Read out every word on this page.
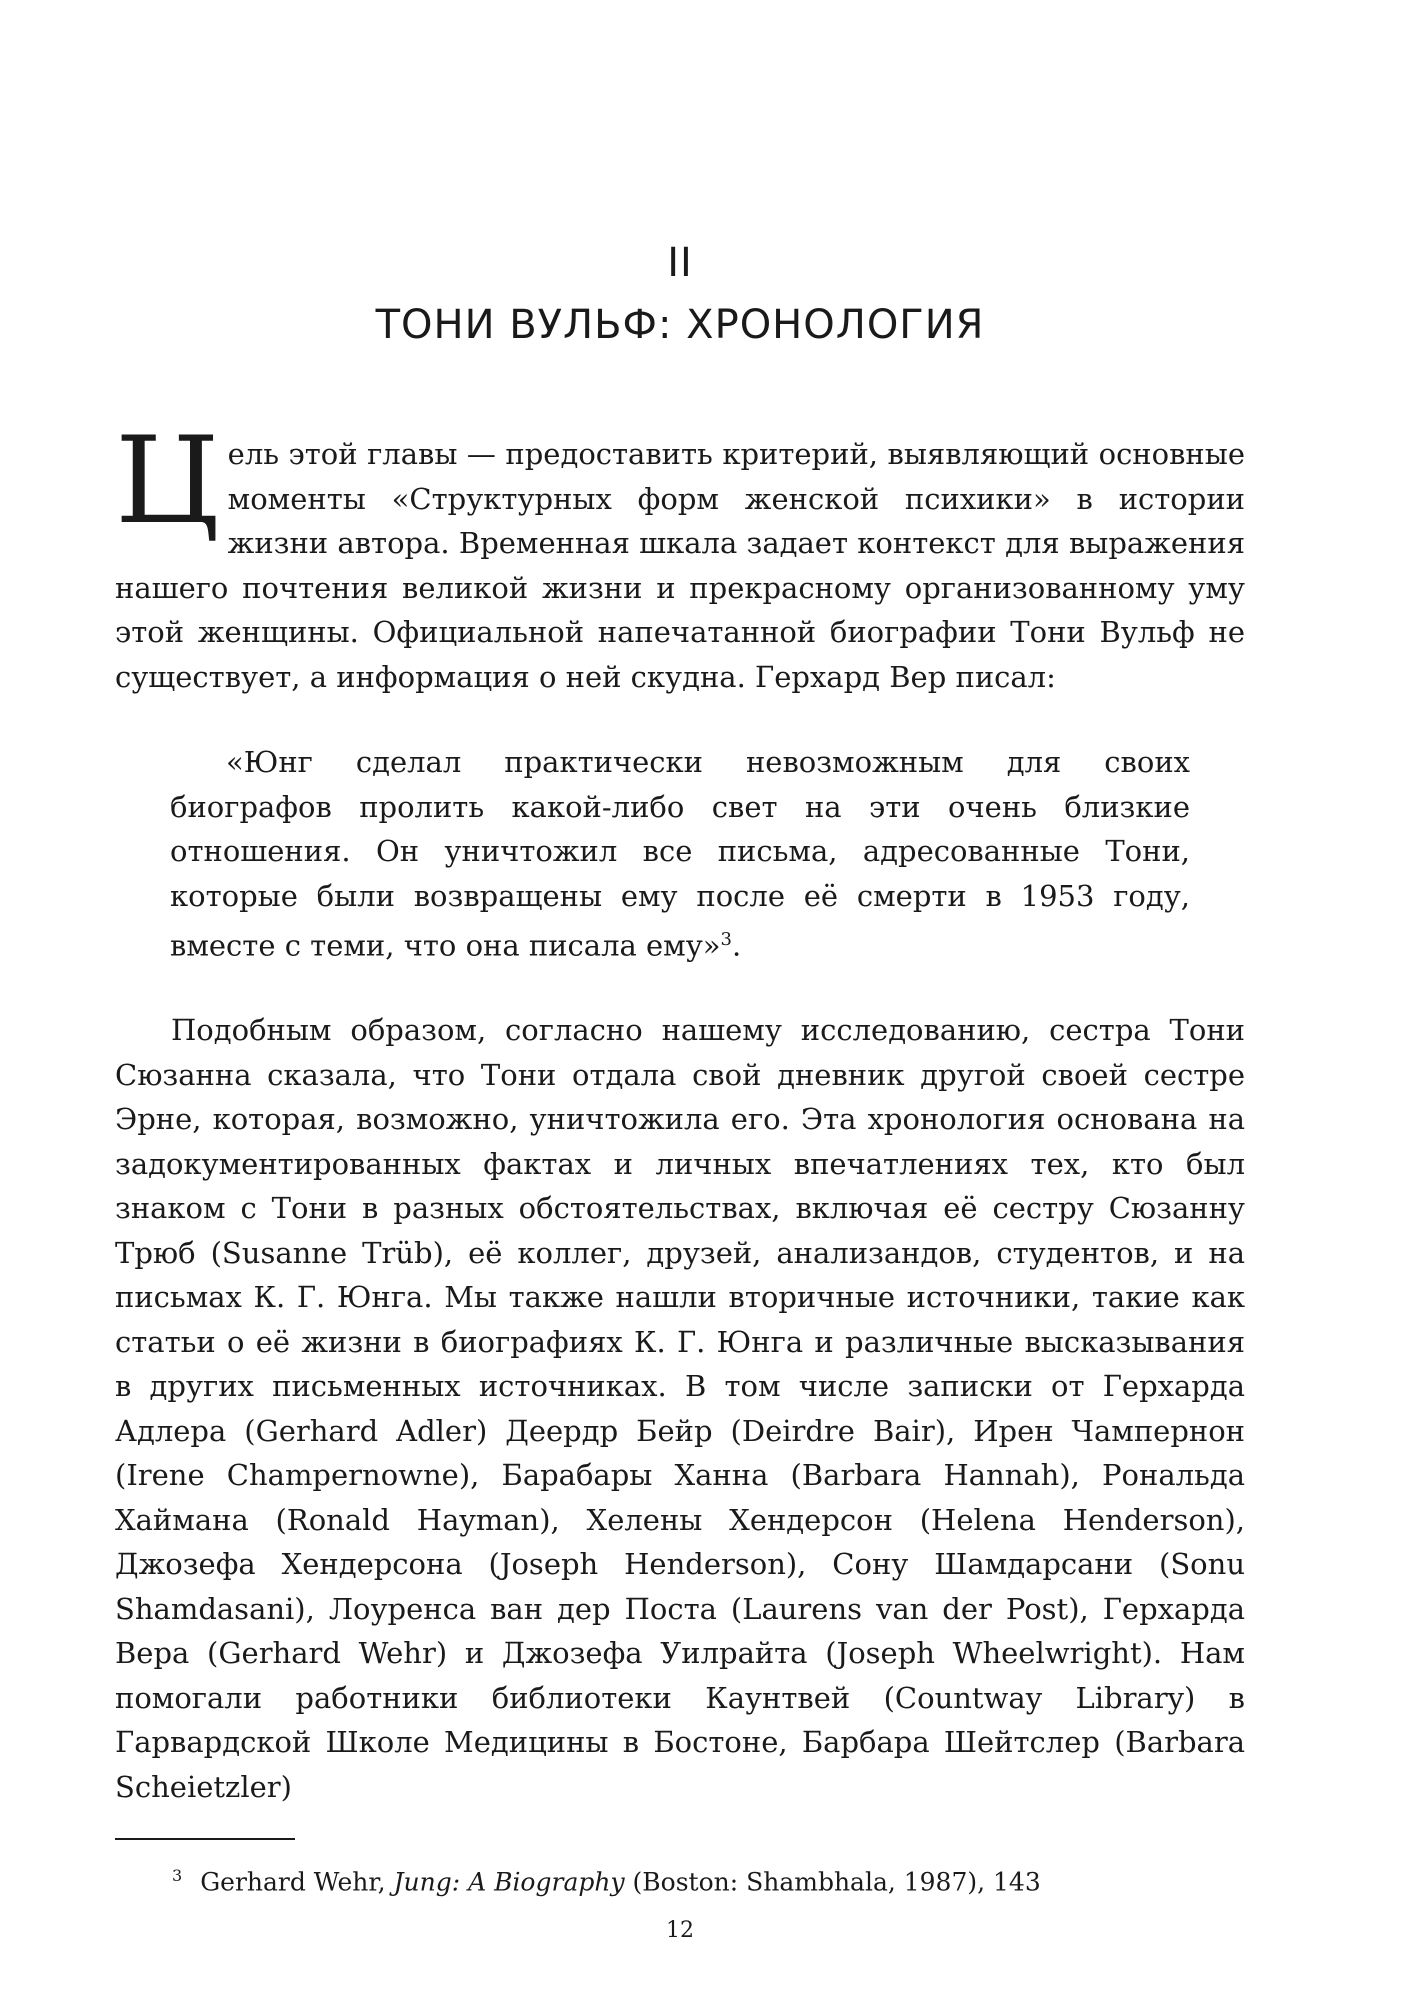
II
ТОНИ ВУЛЬФ: ХРОНОЛОГИЯ
Цель этой главы — предоставить критерий, выявляющий основные моменты «Структурных форм женской психики» в истории жизни автора. Временная шкала задает контекст для выражения нашего почтения великой жизни и прекрасному организованному уму этой женщины. Официальной напечатанной биографии Тони Вульф не существует, а информация о ней скудна. Герхард Вер писал:
«Юнг сделал практически невозможным для своих биографов пролить какой-либо свет на эти очень близкие отношения. Он уничтожил все письма, адресованные Тони, которые были возвращены ему после её смерти в 1953 году, вместе с теми, что она писала ему»$^3$.
Подобным образом, согласно нашему исследованию, сестра Тони Сюзанна сказала, что Тони отдала свой дневник другой своей сестре Эрне, которая, возможно, уничтожила его. Эта хронология основана на задокументированных фактах и личных впечатлениях тех, кто был знаком с Тони в разных обстоятельствах, включая её сестру Сюзанну Трюб (Susanne Trüb), её коллег, друзей, анализандов, студентов, и на письмах К. Г. Юнга. Мы также нашли вторичные источники, такие как статьи о её жизни в биографиях К. Г. Юнга и различные высказывания в других письменных источниках. В том числе записки от Герхарда Адлера (Gerhard Adler) Деердр Бейр (Deirdre Bair), Ирен Чампернон (Irene Champernowne), Барабары Ханна (Barbara Hannah), Рональда Хаймана (Ronald Hayman), Хелены Хендерсон (Helena Henderson), Джозефа Хендерсона (Joseph Henderson), Сону Шамдарсани (Sonu Shamdasani), Лоуренса ван дер Поста (Laurens van der Post), Герхарда Вера (Gerhard Wehr) и Джозефа Уилрайта (Joseph Wheelwright). Нам помогали работники библиотеки Каунтвей (Countway Library) в Гарвардской Школе Медицины в Бостоне, Барбара Шейтслер (Barbara Scheietzler)
$^3$ Gerhard Wehr, Jung: A Biography (Boston: Shambhala, 1987), 143
12
